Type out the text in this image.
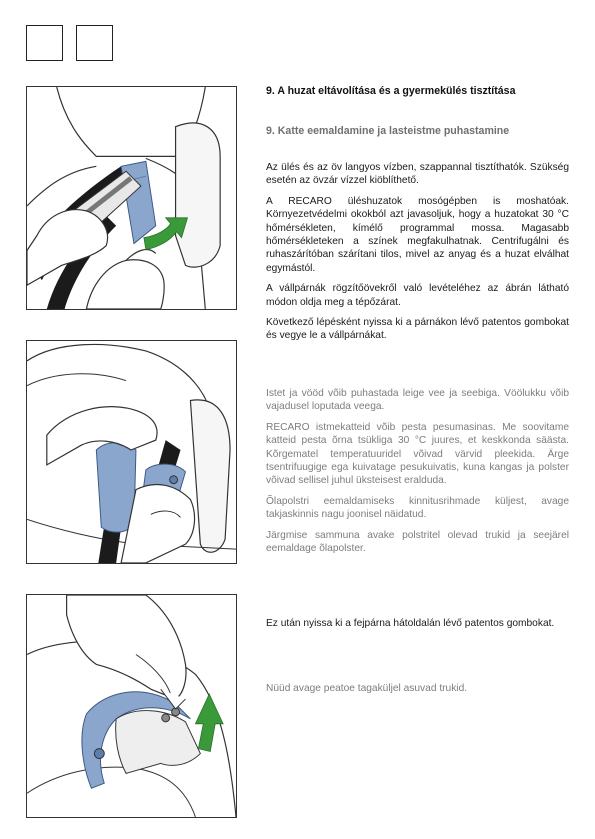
9. A huzat eltávolítása és a gyermekülés tisztítása
9. Katte eemaldamine ja lasteistme puhastamine

Az ülés és az öv langyos vízben, szappannal tisztíthatók. Szükség esetén az övzár vízzel kiöblíthető.

A RECARO üléshuzatok mosógépben is moshatóak. Környezetvédelmi okokból azt javasoljuk, hogy a huzatokat 30 °C hőmérsékleten, kímélő programmal mossa. Magasabb hőmérsékleteken a színek megfakulhatnak. Centrifugálni és ruhaszárítóban szárítani tilos, mivel az anyag és a huzat elválhat egymástól.

A vállpárnák rögzítőövekről való levételéhez az ábrán látható módon oldja meg a tépőzárat.

Következő lépésként nyissa ki a párnákon lévő patentos gombokat és vegye le a vállpárnákat.

Istet ja vööd võib puhastada leige vee ja seebiga. Vöölukku võib vajadusel loputada veega.

RECARO istmekatteid võib pesta pesumasinas. Me soovitame katteid pesta õrna tsükliga 30 °C juures, et keskkonda säästa. Kõrgematel temperatuuridel võivad värvid pleekida. Ärge tsentrifuugige ega kuivatage pesukuivatis, kuna kangas ja polster võivad sellisel juhul üksteisest eralduda.

Õlapolstri eemaldamiseks kinnitusrihmade küljest, avage takjaskinnis nagu joonisel näidatud.

Järgmise sammuna avake polstritel olevad trukid ja seejärel eemaldage õlapolster.

Ez után nyissa ki a fejpárna hátoldalán lévő patentos gombokat.

Nüüd avage peatoe tagaküljel asuvad trukid.
